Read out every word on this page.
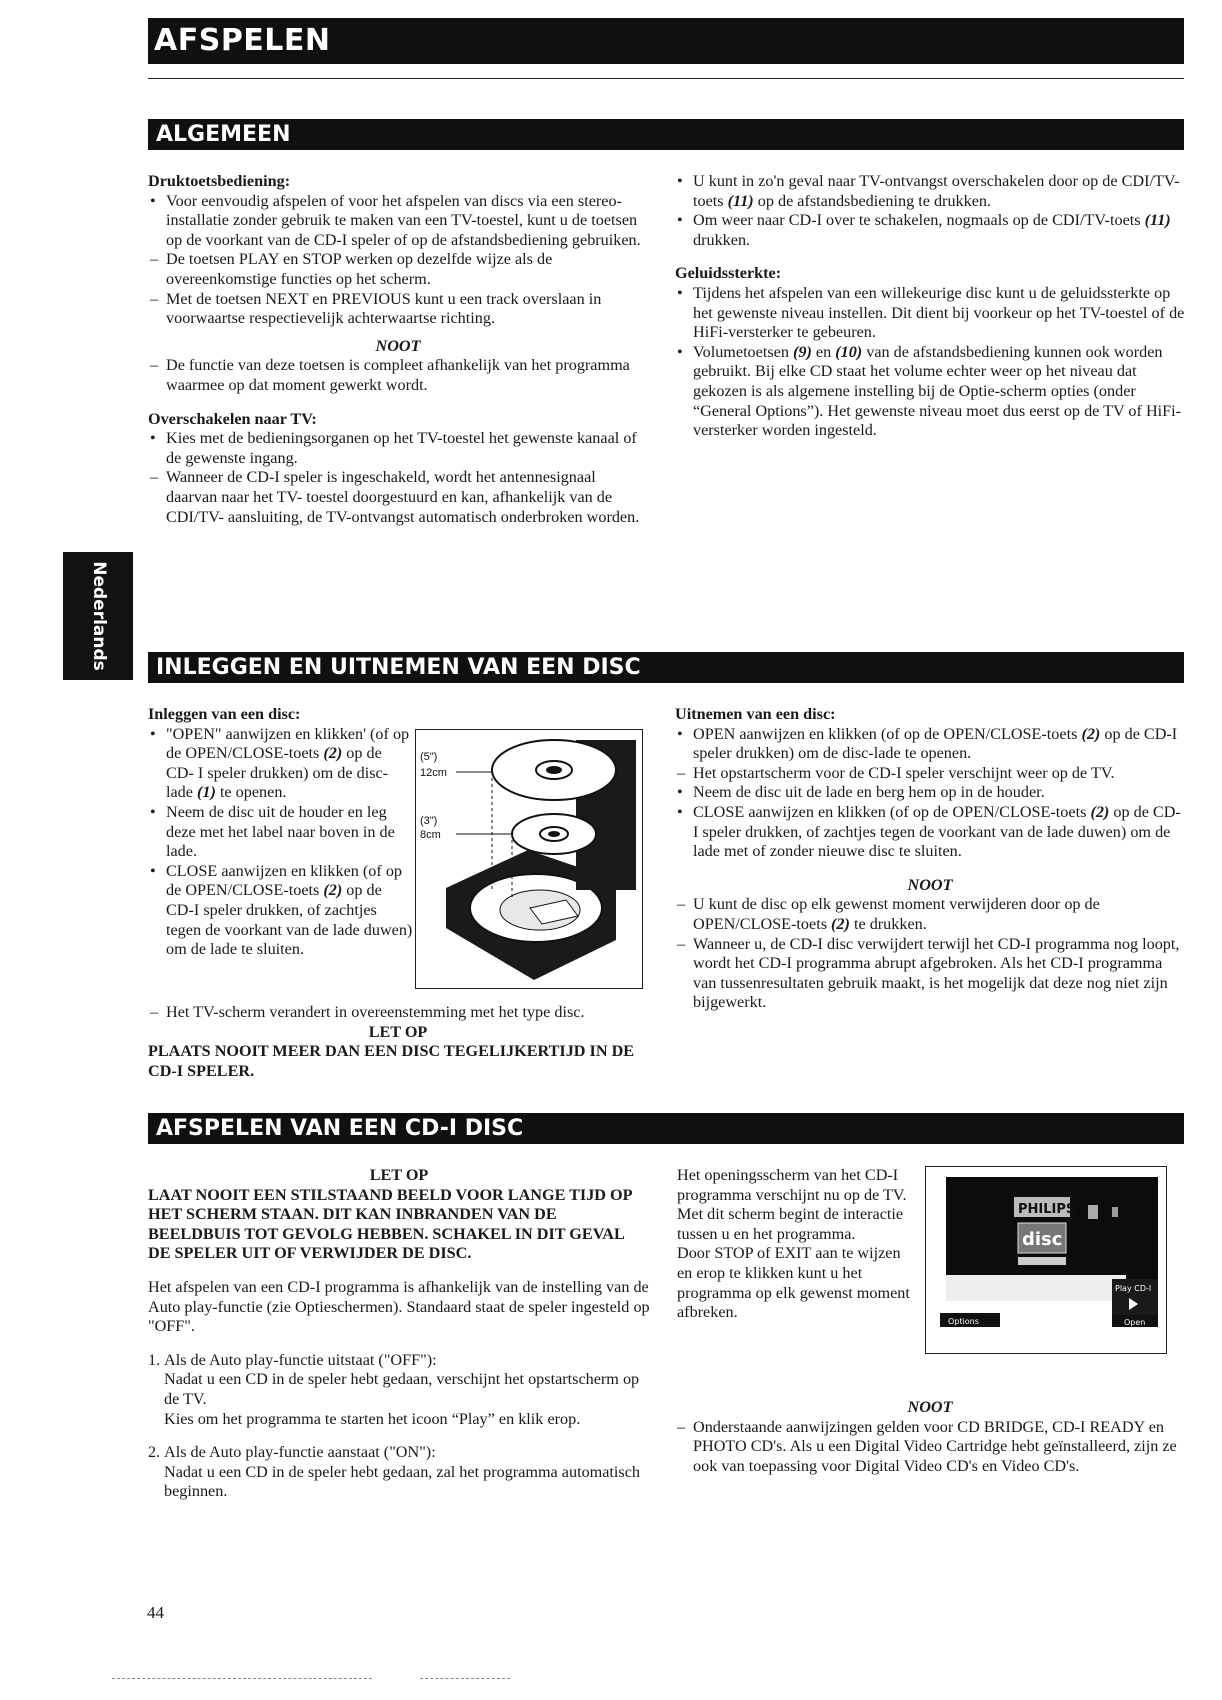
AFSPELEN
Nederlands
ALGEMEEN

Druktoetsbediening:

• Voor eenvoudig afspelen of voor het afspelen van discs via een stereo-installatie zonder gebruik te maken van een TV-toestel, kunt u de toetsen op de voorkant van de CD-I speler of op de afstandsbediening gebruiken.

– De toetsen PLAY en STOP werken op dezelfde wijze als de overeenkomstige functies op het scherm.

– Met de toetsen NEXT en PREVIOUS kunt u een track overslaan in voorwaartse respectievelijk achterwaartse richting.

NOOT

– De functie van deze toetsen is compleet afhankelijk van het programma waarmee op dat moment gewerkt wordt.

Overschakelen naar TV:

• Kies met de bedieningsorganen op het TV-toestel het gewenste kanaal of de gewenste ingang.

– Wanneer de CD-I speler is ingeschakeld, wordt het antennesignaal daarvan naar het TV- toestel doorgestuurd en kan, afhankelijk van de CDI/TV- aansluiting, de TV-ontvangst automatisch onderbroken worden.

• U kunt in zo'n geval naar TV-ontvangst overschakelen door op de CDI/TV-toets (11) op de afstandsbediening te drukken.

• Om weer naar CD-I over te schakelen, nogmaals op de CDI/TV-toets (11) drukken.

Geluidssterkte:

• Tijdens het afspelen van een willekeurige disc kunt u de geluidssterkte op het gewenste niveau instellen. Dit dient bij voorkeur op het TV-toestel of de HiFi-versterker te gebeuren.

• Volumetoetsen (9) en (10) van de afstandsbediening kunnen ook worden gebruikt. Bij elke CD staat het volume echter weer op het niveau dat gekozen is als algemene instelling bij de Optie-scherm opties (onder “General Options”). Het gewenste niveau moet dus eerst op de TV of HiFi-versterker worden ingesteld.

INLEGGEN EN UITNEMEN VAN EEN DISC

Inleggen van een disc:

• "OPEN" aanwijzen en klikken' (of op de OPEN/CLOSE-toets (2) op de CD- I speler drukken) om de disc-lade (1) te openen.

• Neem de disc uit de houder en leg deze met het label naar boven in de lade.

• CLOSE aanwijzen en klikken (of op de OPEN/CLOSE-toets (2) op de CD-I speler drukken, of zachtjes tegen de voorkant van de lade duwen) om de lade te sluiten.

– Het TV-scherm verandert in overeenstemming met het type disc.

LET OP

PLAATS NOOIT MEER DAN EEN DISC TEGELIJKERTIJD IN DE CD-I SPELER.

(5")
12cm
(3")
8cm

Uitnemen van een disc:

• OPEN aanwijzen en klikken (of op de OPEN/CLOSE-toets (2) op de CD-I speler drukken) om de disc-lade te openen.

– Het opstartscherm voor de CD-I speler verschijnt weer op de TV.

• Neem de disc uit de lade en berg hem op in de houder.

• CLOSE aanwijzen en klikken (of op de OPEN/CLOSE-toets (2) op de CD-I speler drukken, of zachtjes tegen de voorkant van de lade duwen) om de lade met of zonder nieuwe disc te sluiten.

NOOT

– U kunt de disc op elk gewenst moment verwijderen door op de OPEN/CLOSE-toets (2) te drukken.

– Wanneer u, de CD-I disc verwijdert terwijl het CD-I programma nog loopt, wordt het CD-I programma abrupt afgebroken. Als het CD-I programma van tussenresultaten gebruik maakt, is het mogelijk dat deze nog niet zijn bijgewerkt.

AFSPELEN VAN EEN CD-I DISC

LET OP

LAAT NOOIT EEN STILSTAAND BEELD VOOR LANGE TIJD OP HET SCHERM STAAN. DIT KAN INBRANDEN VAN DE BEELDBUIS TOT GEVOLG HEBBEN. SCHAKEL IN DIT GEVAL DE SPELER UIT OF VERWIJDER DE DISC.

Het afspelen van een CD-I programma is afhankelijk van de instelling van de Auto play-functie (zie Optieschermen). Standaard staat de speler ingesteld op "OFF".

1. Als de Auto play-functie uitstaat ("OFF"):

Nadat u een CD in de speler hebt gedaan, verschijnt het opstartscherm op de TV.

Kies om het programma te starten het icoon “Play” en klik erop.

2. Als de Auto play-functie aanstaat ("ON"):

Nadat u een CD in de speler hebt gedaan, zal het programma automatisch beginnen.

Het openingsscherm van het CD-I programma verschijnt nu op de TV. Met dit scherm begint de interactie tussen u en het programma.

Door STOP of EXIT aan te wijzen en erop te klikken kunt u het programma op elk gewenst moment afbreken.

PHILIPS
disc
Play CD-I
Options	Open

NOOT

– Onderstaande aanwijzingen gelden voor CD BRIDGE, CD-I READY en PHOTO CD's. Als u een Digital Video Cartridge hebt geïnstalleerd, zijn ze ook van toepassing voor Digital Video CD's en Video CD's.

44
